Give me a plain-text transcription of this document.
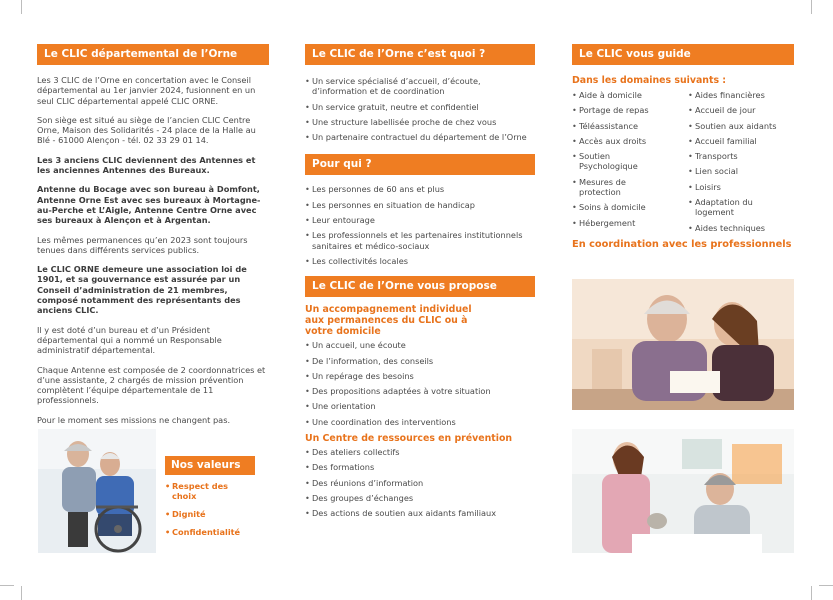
Le CLIC départemental de l’Orne

Les 3 CLIC de l’Orne en concertation avec le Conseil départemental au 1er janvier 2024, fusionnent en un seul CLIC départemental appelé CLIC ORNE.

Son siège est situé au siège de l’ancien CLIC Centre Orne, Maison des Solidarités - 24 place de la Halle au Blé - 61000 Alençon - tél. 02 33 29 01 14.

Les 3 anciens CLIC deviennent des Antennes et les anciennes Antennes des Bureaux.

Antenne du Bocage avec son bureau à Domfont, Antenne Orne Est avec ses bureaux à Mortagne-au-Perche et L’Aigle, Antenne Centre Orne avec ses bureaux à Alençon et à Argentan.

Les mêmes permanences qu’en 2023 sont toujours tenues dans différents services publics.

Le CLIC ORNE demeure une association loi de 1901, et sa gouvernance est assurée par un Conseil d’administration de 21 membres, composé notamment des représentants des anciens CLIC.

Il y est doté d’un bureau et d’un Président départemental qui a nommé un Responsable administratif départemental.

Chaque Antenne est composée de 2 coordonnatrices et d’une assistante, 2 chargés de mission prévention complètent l’équipe départementale de 11 professionnels.

Pour le moment ses missions ne changent pas.

Nos valeurs
• Respect des choix
• Dignité
• Confidentialité
Le CLIC de l’Orne c’est quoi ?
• Un service spécialisé d’accueil, d’écoute, d’information et de coordination
• Un service gratuit, neutre et confidentiel
• Une structure labellisée proche de chez vous
• Un partenaire contractuel du département de l’Orne
Pour qui ?
• Les personnes de 60 ans et plus
• Les personnes en situation de handicap
• Leur entourage
• Les professionnels et les partenaires institutionnels sanitaires et médico-sociaux
• Les collectivités locales
Le CLIC de l’Orne vous propose
Un accompagnement individuel aux permanences du CLIC ou à votre domicile
• Un accueil, une écoute
• De l’information, des conseils
• Un repérage des besoins
• Des propositions adaptées à votre situation
• Une orientation
• Une coordination des interventions
Un Centre de ressources en prévention
• Des ateliers collectifs
• Des formations
• Des réunions d’information
• Des groupes d’échanges
• Des actions de soutien aux aidants familiaux
Le CLIC vous guide
Dans les domaines suivants :
• Aide à domicile
• Portage de repas
• Téléassistance
• Accès aux droits
• Soutien Psychologique
• Mesures de protection
• Soins à domicile
• Hébergement
• Aides financières
• Accueil de jour
• Soutien aux aidants
• Accueil familial
• Transports
• Lien social
• Loisirs
• Adaptation du logement
• Aides techniques
En coordination avec les professionnels
